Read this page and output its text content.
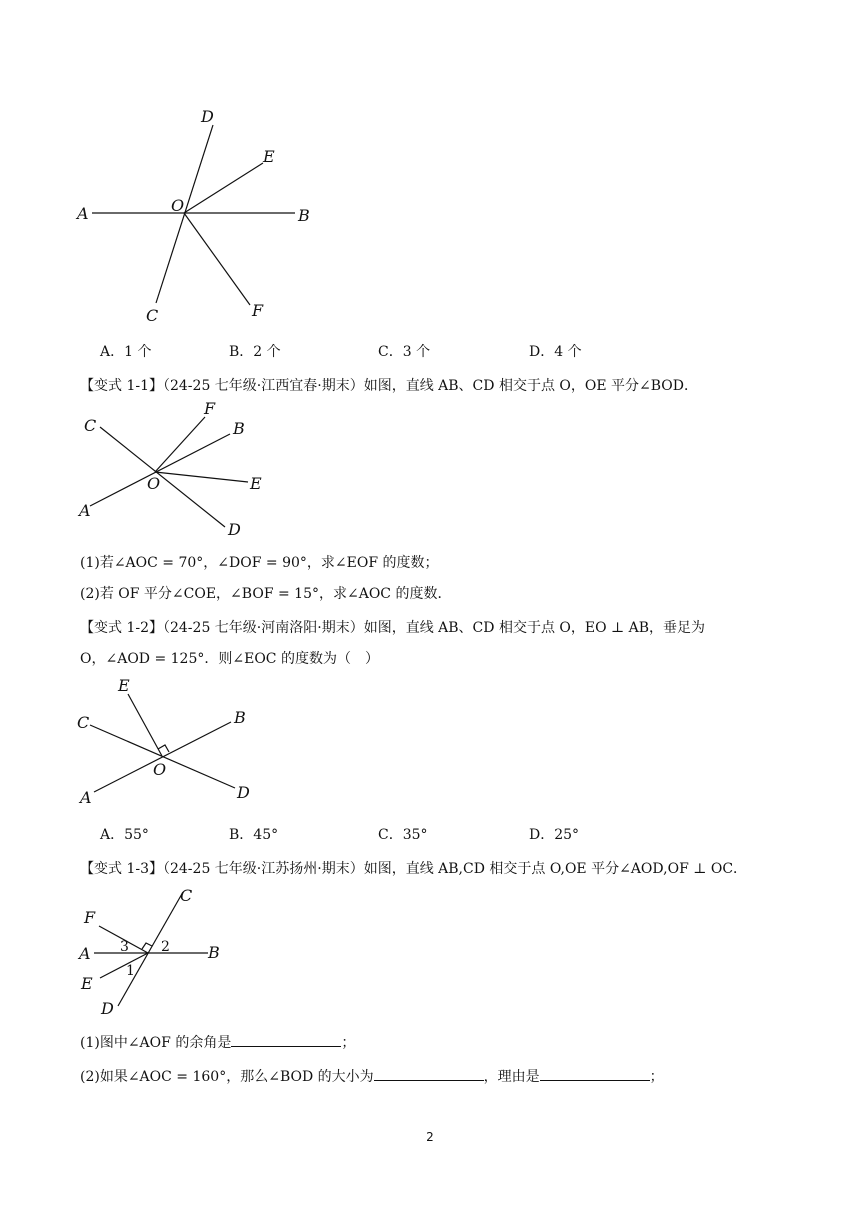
D
E
A	O
B
C	F
A．1 个	B．2 个	C．3 个	D．4 个
【变式 1-1】（24-25 七年级·江西宜春·期末）如图，直线 AB、CD 相交于点 O，OE 平分∠BOD．
C
F
B
O	E
A
D
(1)若∠AOC = 70°，∠DOF = 90°，求∠EOF 的度数；
(2)若 OF 平分∠COE，∠BOF = 15°，求∠AOC 的度数．
【变式 1-2】（24-25 七年级·河南洛阳·期末）如图，直线 AB、CD 相交于点 O，EO ⊥ AB，垂足为
O，∠AOD = 125°．则∠EOC 的度数为（　）
E
C	B
O
A	D
A．55°	B．45°	C．35°	D．25°
【变式 1-3】（24-25 七年级·江苏扬州·期末）如图，直线 AB,CD 相交于点 O,OE 平分∠AOD,OF ⊥ OC．
C
F
A 3 2 B
1
E
D
(1)图中∠AOF 的余角是	；
(2)如果∠AOC = 160°，那么∠BOD 的大小为	，理由是	；
2
